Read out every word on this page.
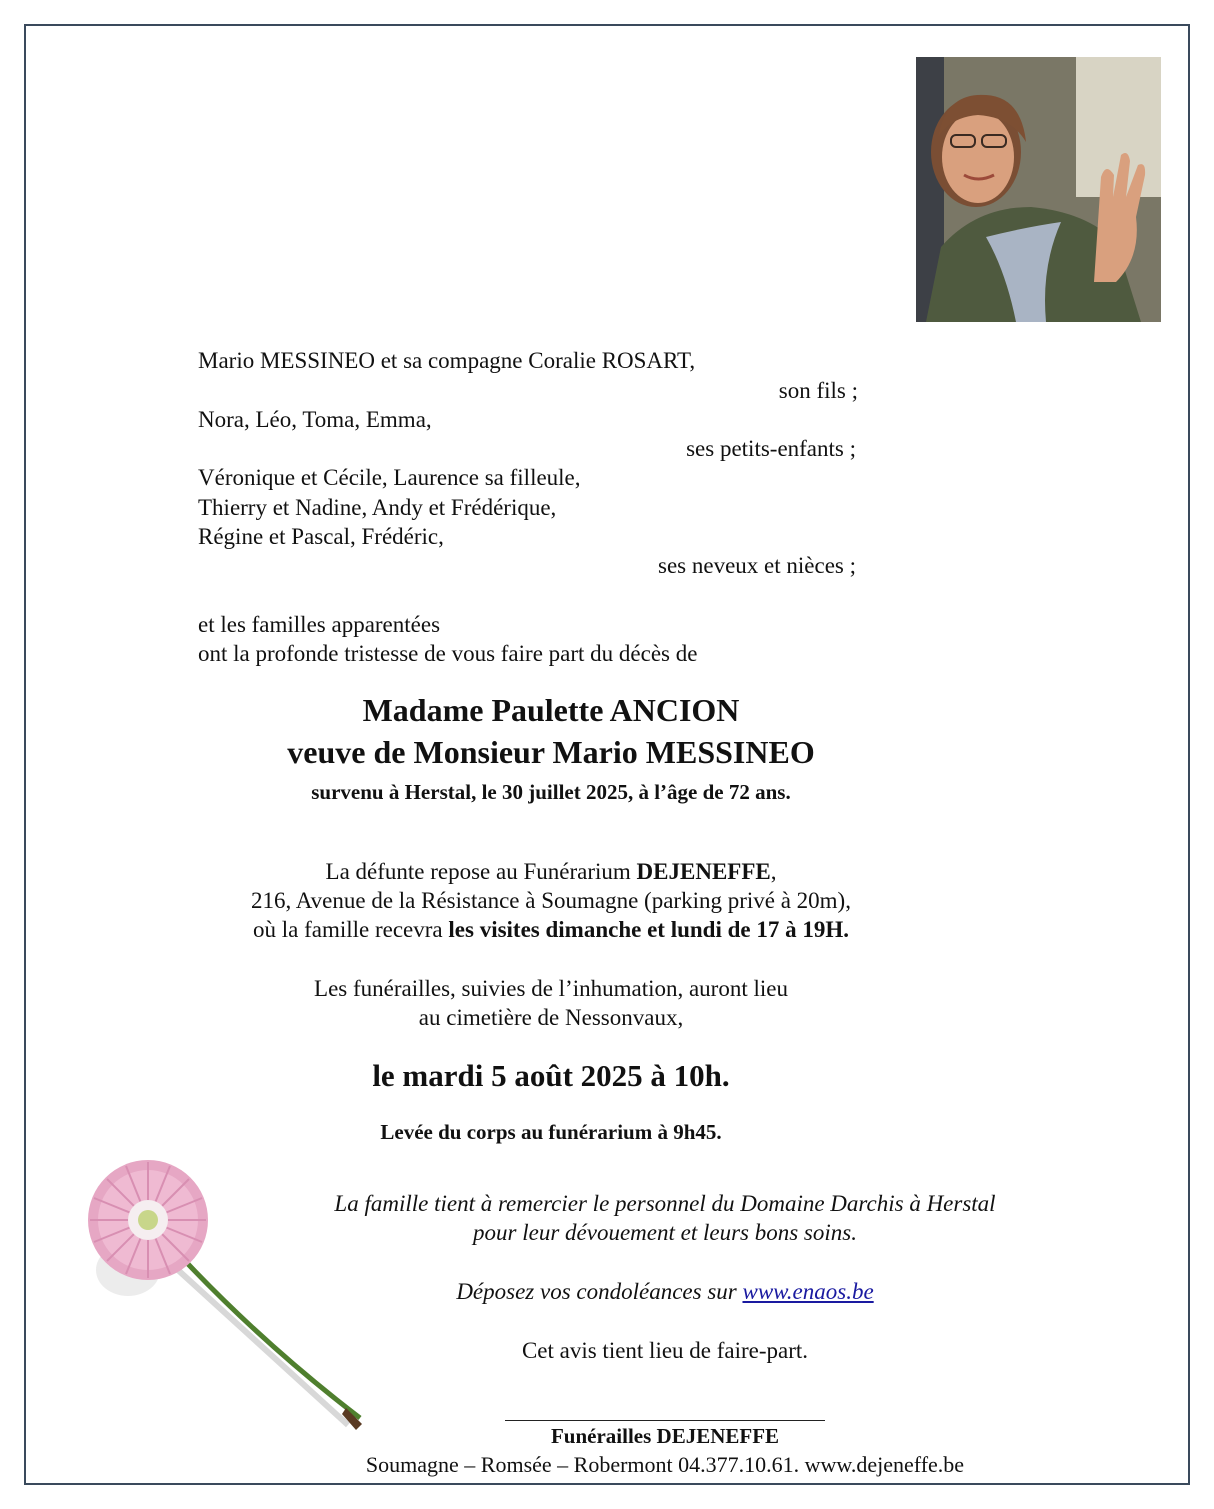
Mario MESSINEO et sa compagne Coralie ROSART,
son fils ;
Nora, Léo, Toma, Emma,
ses petits-enfants ;
Véronique et Cécile, Laurence sa filleule,
Thierry et Nadine, Andy et Frédérique,
Régine et Pascal, Frédéric,
ses neveux et nièces ;
et les familles apparentées
ont la profonde tristesse de vous faire part du décès de
Madame Paulette ANCION
veuve de Monsieur Mario MESSINEO
survenu à Herstal, le 30 juillet 2025, à l’âge de 72 ans.
La défunte repose au Funérarium DEJENEFFE,
216, Avenue de la Résistance à Soumagne (parking privé à 20m),
où la famille recevra les visites dimanche et lundi de 17 à 19H.
Les funérailles, suivies de l’inhumation, auront lieu
au cimetière de Nessonvaux,
le mardi 5 août 2025 à 10h.
Levée du corps au funérarium à 9h45.
La famille tient à remercier le personnel du Domaine Darchis à Herstal
pour leur dévouement et leurs bons soins.
Déposez vos condoléances sur www.enaos.be
Cet avis tient lieu de faire-part.
Funérailles DEJENEFFE
Soumagne – Romsée – Robermont 04.377.10.61. www.dejeneffe.be
